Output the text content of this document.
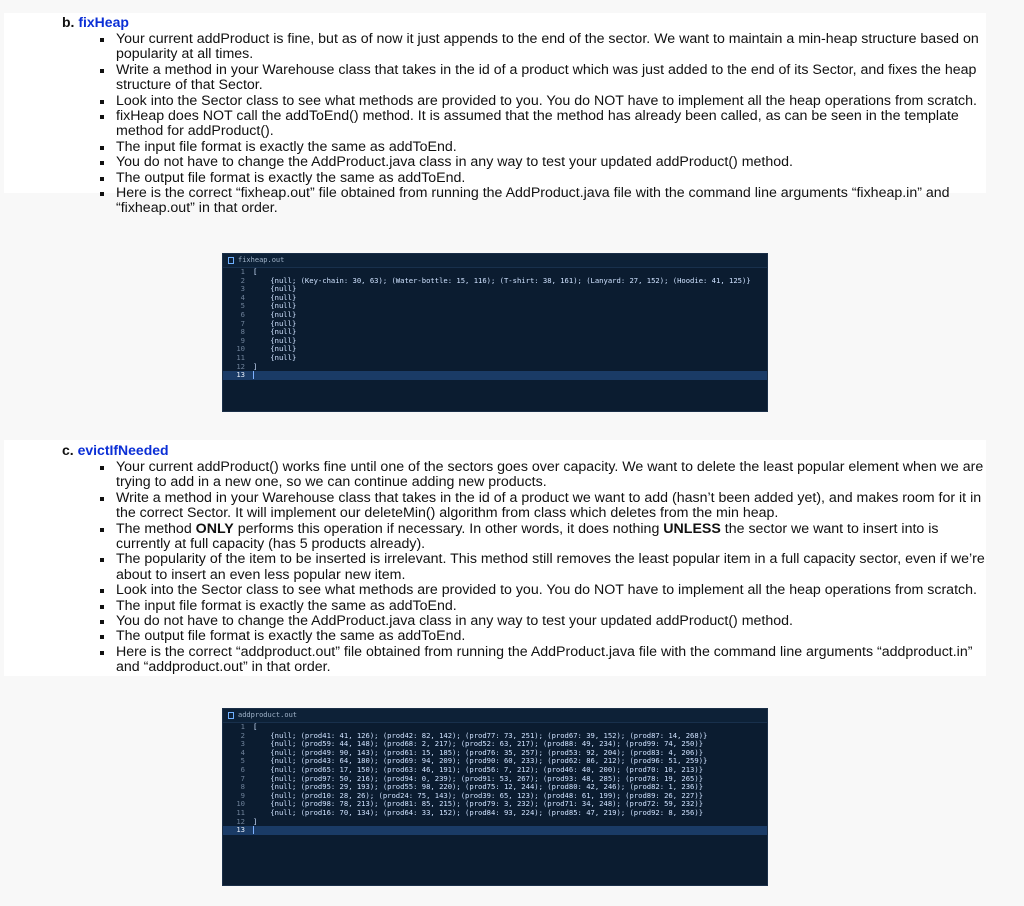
b. fixHeap
Your current addProduct is fine, but as of now it just appends to the end of the sector. We want to maintain a min-heap structure based on popularity at all times.
Write a method in your Warehouse class that takes in the id of a product which was just added to the end of its Sector, and fixes the heap structure of that Sector.
Look into the Sector class to see what methods are provided to you. You do NOT have to implement all the heap operations from scratch.
fixHeap does NOT call the addToEnd() method. It is assumed that the method has already been called, as can be seen in the template method for addProduct().
The input file format is exactly the same as addToEnd.
You do not have to change the AddProduct.java class in any way to test your updated addProduct() method.
The output file format is exactly the same as addToEnd.
Here is the correct “fixheap.out” file obtained from running the AddProduct.java file with the command line arguments “fixheap.in” and “fixheap.out” in that order.
fixheap.out
1	[
2	{null; (Key-chain: 30, 63); (Water-bottle: 15, 116); (T-shirt: 38, 161); (Lanyard: 27, 152); (Hoodie: 41, 125)}
3	{null}
4	{null}
5	{null}
6	{null}
7	{null}
8	{null}
9	{null}
10	{null}
11	{null}
12	]
13
c. evictIfNeeded
Your current addProduct() works fine until one of the sectors goes over capacity. We want to delete the least popular element when we are trying to add in a new one, so we can continue adding new products.
Write a method in your Warehouse class that takes in the id of a product we want to add (hasn’t been added yet), and makes room for it in the correct Sector. It will implement our deleteMin() algorithm from class which deletes from the min heap.
The method ONLY performs this operation if necessary. In other words, it does nothing UNLESS the sector we want to insert into is currently at full capacity (has 5 products already).
The popularity of the item to be inserted is irrelevant. This method still removes the least popular item in a full capacity sector, even if we’re about to insert an even less popular new item.
Look into the Sector class to see what methods are provided to you. You do NOT have to implement all the heap operations from scratch.
The input file format is exactly the same as addToEnd.
You do not have to change the AddProduct.java class in any way to test your updated addProduct() method.
The output file format is exactly the same as addToEnd.
Here is the correct “addproduct.out” file obtained from running the AddProduct.java file with the command line arguments “addproduct.in” and “addproduct.out” in that order.
addproduct.out
1	[
2	{null; (prod41: 41, 126); (prod42: 82, 142); (prod77: 73, 251); (prod67: 39, 152); (prod87: 14, 268)}
3	{null; (prod59: 44, 148); (prod68: 2, 217); (prod52: 63, 217); (prod88: 49, 234); (prod99: 74, 250)}
4	{null; (prod49: 90, 143); (prod61: 15, 185); (prod76: 35, 257); (prod53: 92, 204); (prod83: 4, 206)}
5	{null; (prod43: 64, 180); (prod69: 94, 209); (prod90: 60, 233); (prod62: 86, 212); (prod96: 51, 259)}
6	{null; (prod65: 17, 150); (prod63: 46, 191); (prod56: 7, 212); (prod46: 40, 200); (prod70: 10, 213)}
7	{null; (prod97: 50, 216); (prod94: 0, 239); (prod91: 53, 267); (prod93: 48, 285); (prod78: 19, 265)}
8	{null; (prod95: 29, 193); (prod55: 98, 220); (prod75: 12, 244); (prod80: 42, 246); (prod82: 1, 236)}
9	{null; (prod10: 28, 26); (prod24: 75, 143); (prod39: 65, 123); (prod48: 61, 199); (prod89: 26, 227)}
10	{null; (prod98: 78, 213); (prod81: 85, 215); (prod79: 3, 232); (prod71: 34, 248); (prod72: 59, 232)}
11	{null; (prod16: 70, 134); (prod64: 33, 152); (prod84: 93, 224); (prod85: 47, 219); (prod92: 8, 256)}
12	]
13
